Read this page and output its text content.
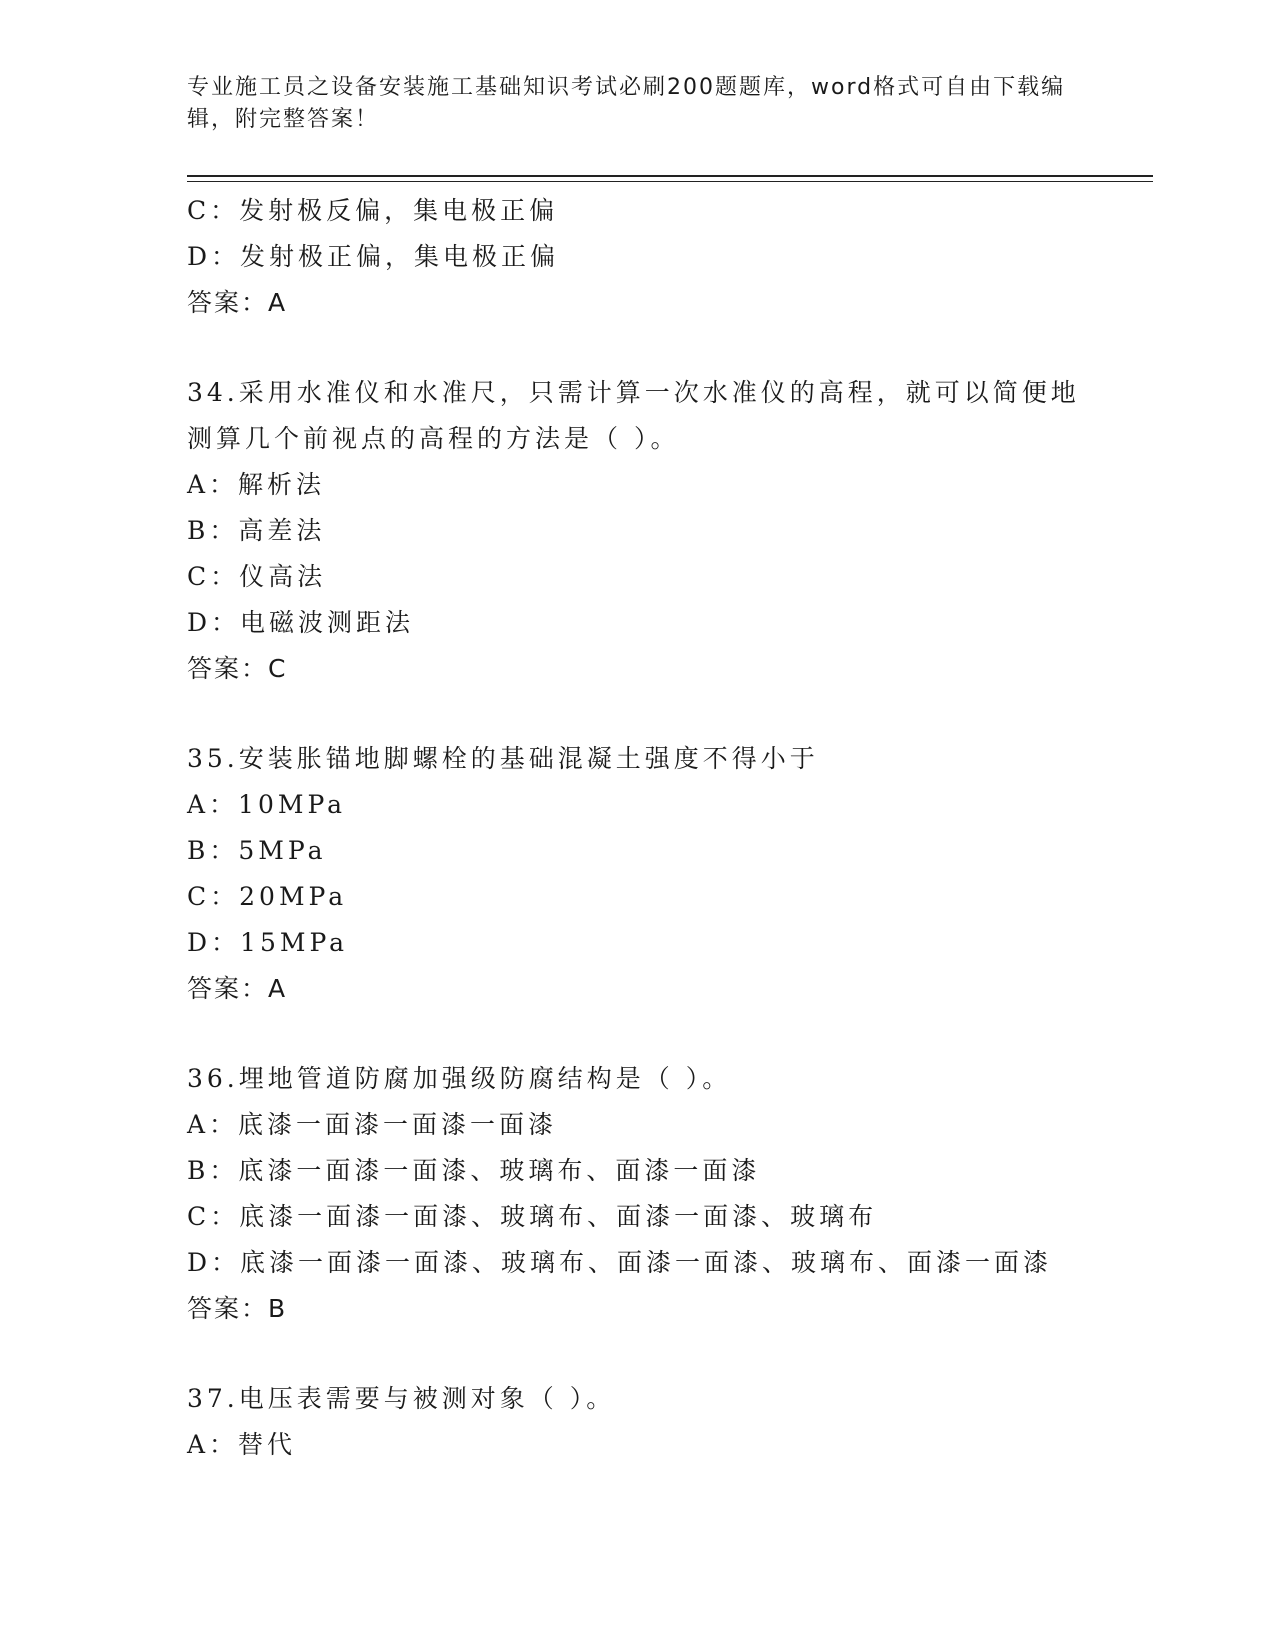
专业施工员之设备安装施工基础知识考试必刷200题题库，word格式可自由下载编辑，附完整答案！
C：发射极反偏，集电极正偏
D：发射极正偏，集电极正偏
答案：A
34.采用水准仪和水准尺，只需计算一次水准仪的高程，就可以简便地
测算几个前视点的高程的方法是（ ）。
A：解析法
B：高差法
C：仪高法
D：电磁波测距法
答案：C
35.安装胀锚地脚螺栓的基础混凝土强度不得小于
A：10MPa
B：5MPa
C：20MPa
D：15MPa
答案：A
36.埋地管道防腐加强级防腐结构是（ ）。
A：底漆一面漆一面漆一面漆
B：底漆一面漆一面漆、玻璃布、面漆一面漆
C：底漆一面漆一面漆、玻璃布、面漆一面漆、玻璃布
D：底漆一面漆一面漆、玻璃布、面漆一面漆、玻璃布、面漆一面漆
答案：B
37.电压表需要与被测对象（ ）。
A：替代
